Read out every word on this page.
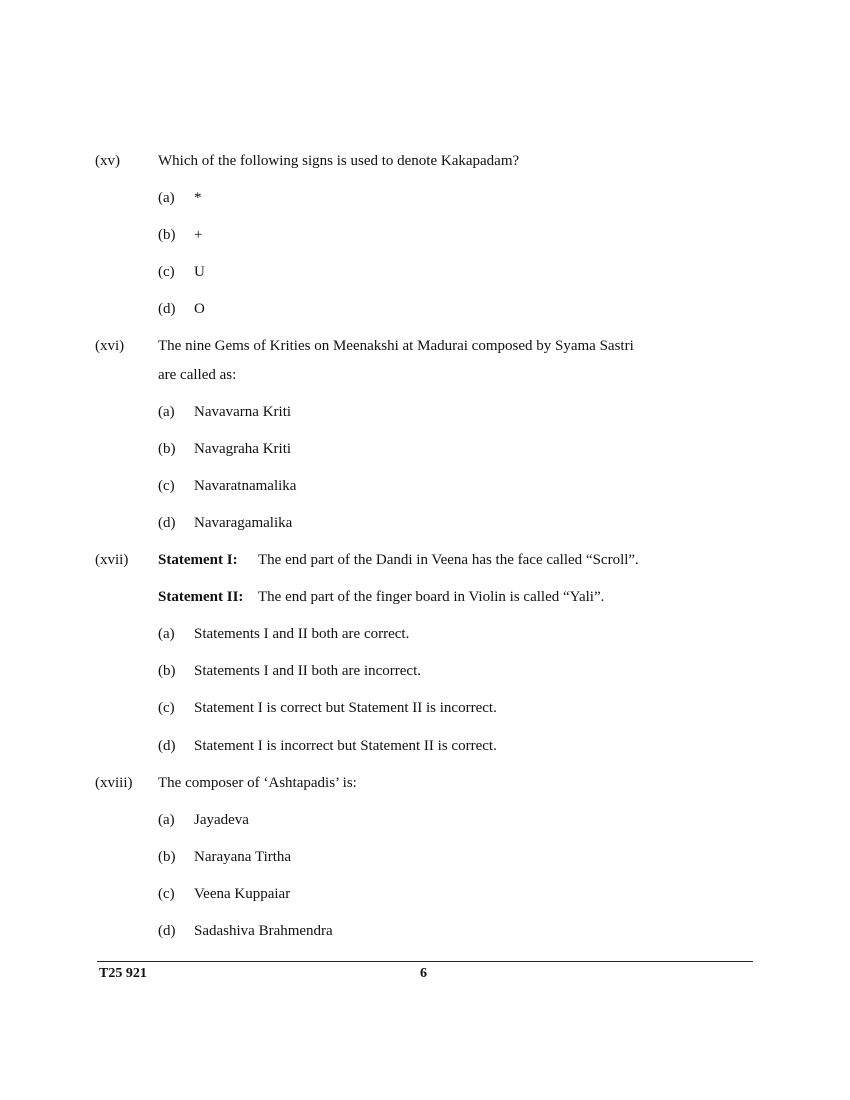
(xv)	Which of the following signs is used to denote Kakapadam?
(a) *
(b) +
(c) U
(d) O
(xvi) The nine Gems of Krities on Meenakshi at Madurai composed by Syama Sastri
are called as:
(a) Navavarna Kriti
(b) Navagraha Kriti
(c) Navaratnamalika
(d) Navaragamalika
(xvii) Statement I: The end part of the Dandi in Veena has the face called “Scroll”.
Statement II: The end part of the finger board in Violin is called “Yali”.
(a) Statements I and II both are correct.
(b) Statements I and II both are incorrect.
(c) Statement I is correct but Statement II is incorrect.
(d) Statement I is incorrect but Statement II is correct.
(xviii) The composer of ‘Ashtapadis’ is:
(a) Jayadeva
(b) Narayana Tirtha
(c) Veena Kuppaiar
(d) Sadashiva Brahmendra
T25 921	6
